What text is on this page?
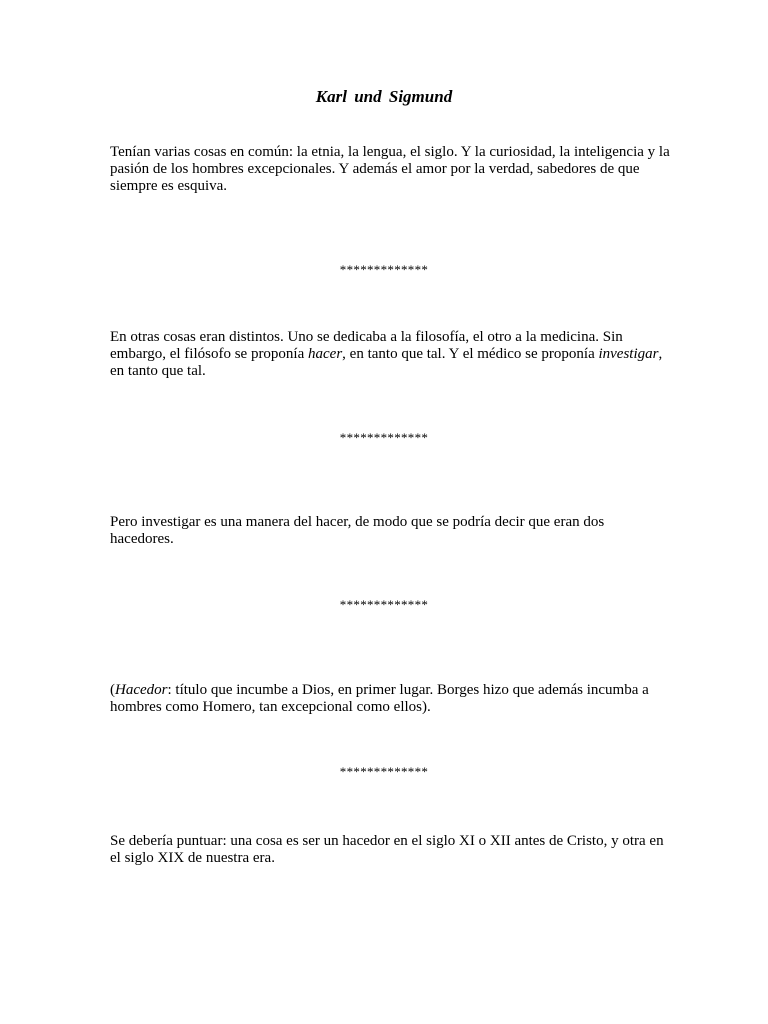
Karl und Sigmund
Tenían varias cosas en común: la etnia, la lengua, el siglo. Y la curiosidad, la inteligencia y la pasión de los hombres excepcionales. Y además el amor por la verdad, sabedores de que siempre es esquiva.
*************
En otras cosas eran distintos. Uno se dedicaba a la filosofía, el otro a la medicina. Sin embargo, el filósofo se proponía hacer, en tanto que tal. Y el médico se proponía investigar, en tanto que tal.
*************
Pero investigar es una manera del hacer, de modo que se podría decir que eran dos hacedores.
*************
(Hacedor: título que incumbe a Dios, en primer lugar. Borges hizo que además incumba a hombres como Homero, tan excepcional como ellos).
*************
Se debería puntuar: una cosa es ser un hacedor en el siglo XI o XII antes de Cristo, y otra en el siglo XIX de nuestra era.
